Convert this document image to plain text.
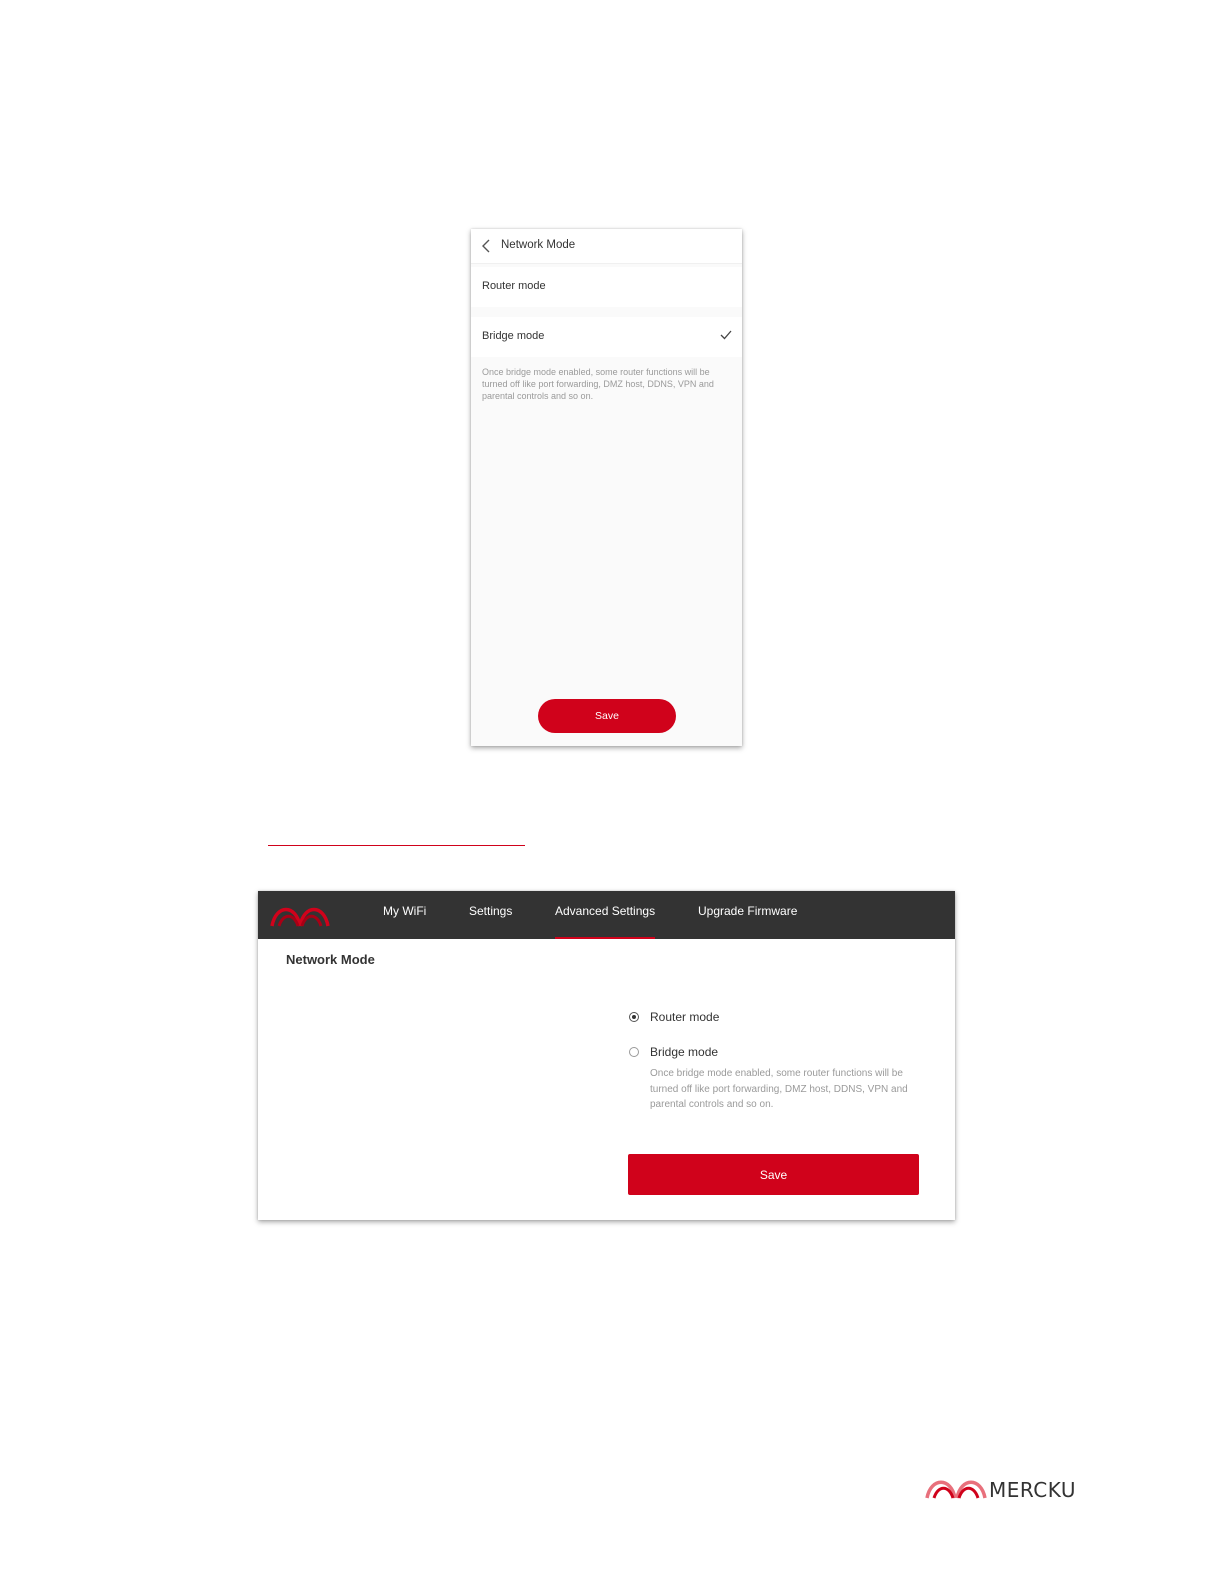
Network Mode
Router mode
Bridge mode
Once bridge mode enabled, some router functions will be turned off like port forwarding, DMZ host, DDNS, VPN and parental controls and so on.
Save
My WiFi	Settings	Advanced Settings	Upgrade Firmware
Network Mode
Router mode
Bridge mode
Once bridge mode enabled, some router functions will be turned off like port forwarding, DMZ host, DDNS, VPN and parental controls and so on.
Save
MERCKU
